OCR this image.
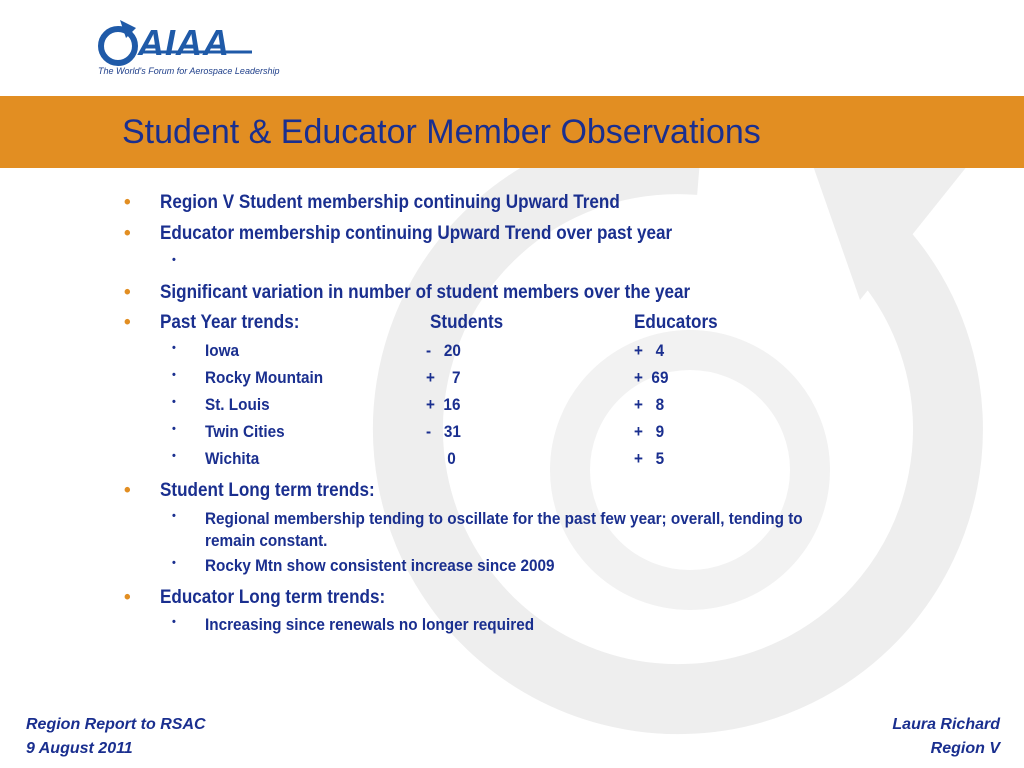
AIAA
The World's Forum for Aerospace Leadership
Student & Educator Member Observations
• Region V Student membership continuing Upward Trend
• Educator membership continuing Upward Trend over past year
•
• Significant variation in number of student members over the year
• Past Year trends:	Students	Educators
• Iowa	-   20	+   4
• Rocky Mountain	+    7	+  69
• St. Louis	+  16	+   8
• Twin Cities	-   31	+   9
• Wichita	0	+   5
• Student Long term trends:
• Regional membership tending to oscillate for the past few year; overall, tending to
remain constant.
• Rocky Mtn show consistent increase since 2009
• Educator Long term trends:
• Increasing since renewals no longer required
Region Report to RSAC
9 August 2011
Laura Richard
Region V
